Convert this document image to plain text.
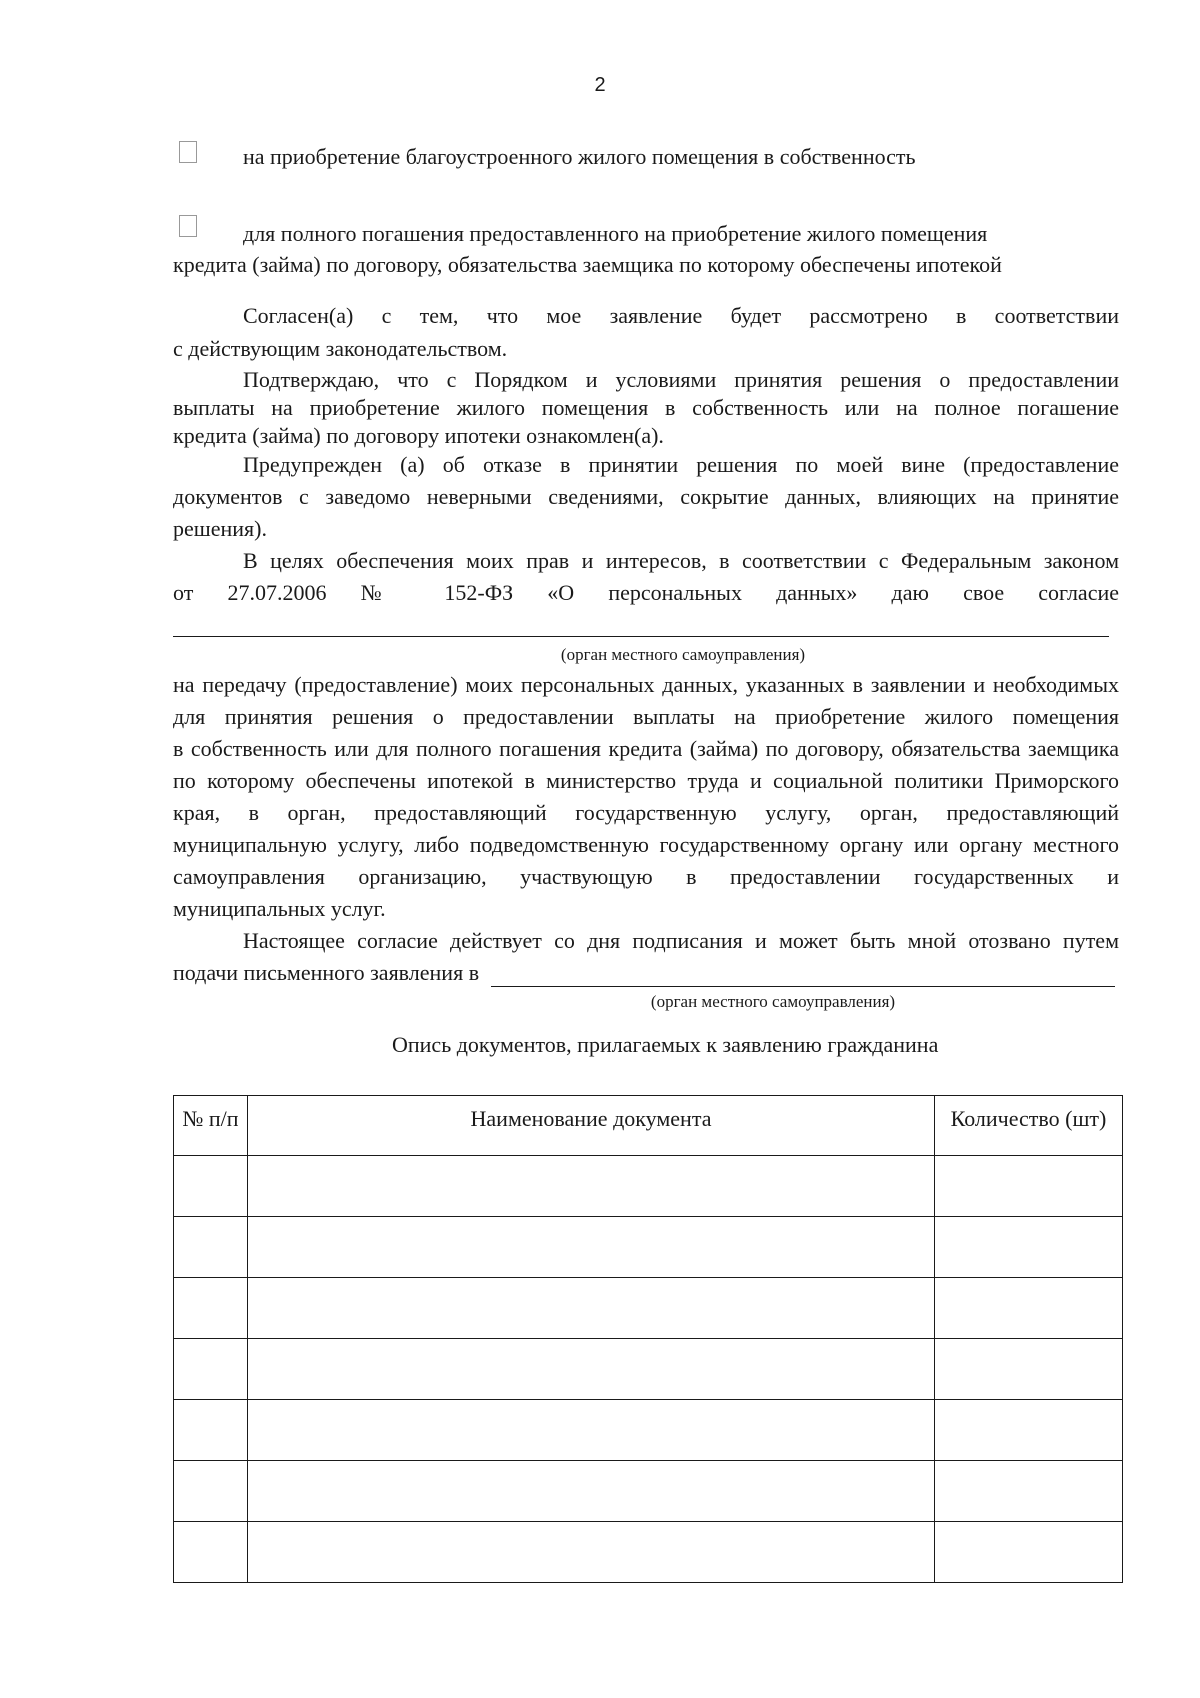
2
на приобретение благоустроенного жилого помещения в собственность
для полного погашения предоставленного на приобретение жилого помещения
кредита (займа) по договору, обязательства заемщика по которому обеспечены ипотекой
Согласен(а) с тем, что мое заявление будет рассмотрено в соответствии
с действующим законодательством.
Подтверждаю, что с Порядком и условиями принятия решения о предоставлении
выплаты на приобретение жилого помещения в собственность или на полное погашение
кредита (займа) по договору ипотеки ознакомлен(а).
Предупрежден (а) об отказе в принятии решения по моей вине (предоставление
документов с заведомо неверными сведениями, сокрытие данных, влияющих на принятие
решения).
В целях обеспечения моих прав и интересов, в соответствии с Федеральным законом
от 27.07.2006 № 152-ФЗ «О персональных данных» даю свое согласие
(орган местного самоуправления)
на передачу (предоставление) моих персональных данных, указанных в заявлении и необходимых
для принятия решения о предоставлении выплаты на приобретение жилого помещения
в собственность или для полного погашения кредита (займа) по договору, обязательства заемщика
по которому обеспечены ипотекой в министерство труда и социальной политики Приморского
края, в орган, предоставляющий государственную услугу, орган, предоставляющий
муниципальную услугу, либо подведомственную государственному органу или органу местного
самоуправления организацию, участвующую в предоставлении государственных и
муниципальных услуг.
Настоящее согласие действует со дня подписания и может быть мной отозвано путем
подачи письменного заявления в
(орган местного самоуправления)
Опись документов, прилагаемых к заявлению гражданина
№ п/п	Наименование документа	Количество (шт)
